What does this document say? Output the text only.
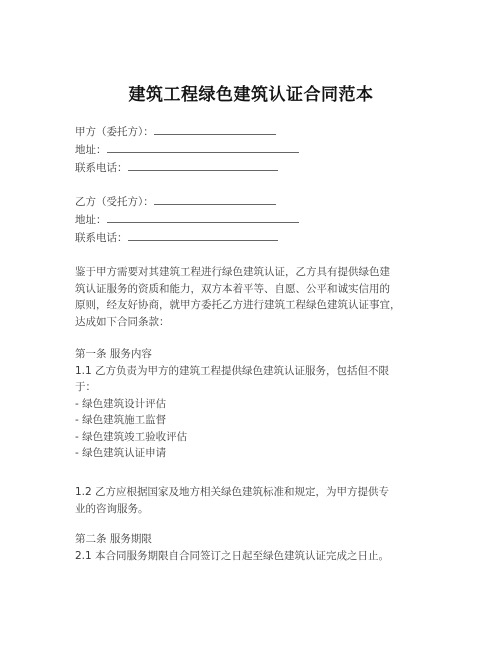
建筑工程绿色建筑认证合同范本
甲方（委托方）：
地址：
联系电话：
乙方（受托方）：
地址：
联系电话：
鉴于甲方需要对其建筑工程进行绿色建筑认证，乙方具有提供绿色建
筑认证服务的资质和能力，双方本着平等、自愿、公平和诚实信用的
原则，经友好协商，就甲方委托乙方进行建筑工程绿色建筑认证事宜，
达成如下合同条款：
第一条 服务内容
1.1 乙方负责为甲方的建筑工程提供绿色建筑认证服务，包括但不限
于：
- 绿色建筑设计评估
- 绿色建筑施工监督
- 绿色建筑竣工验收评估
- 绿色建筑认证申请
1.2 乙方应根据国家及地方相关绿色建筑标准和规定，为甲方提供专
业的咨询服务。
第二条 服务期限
2.1 本合同服务期限自合同签订之日起至绿色建筑认证完成之日止。
